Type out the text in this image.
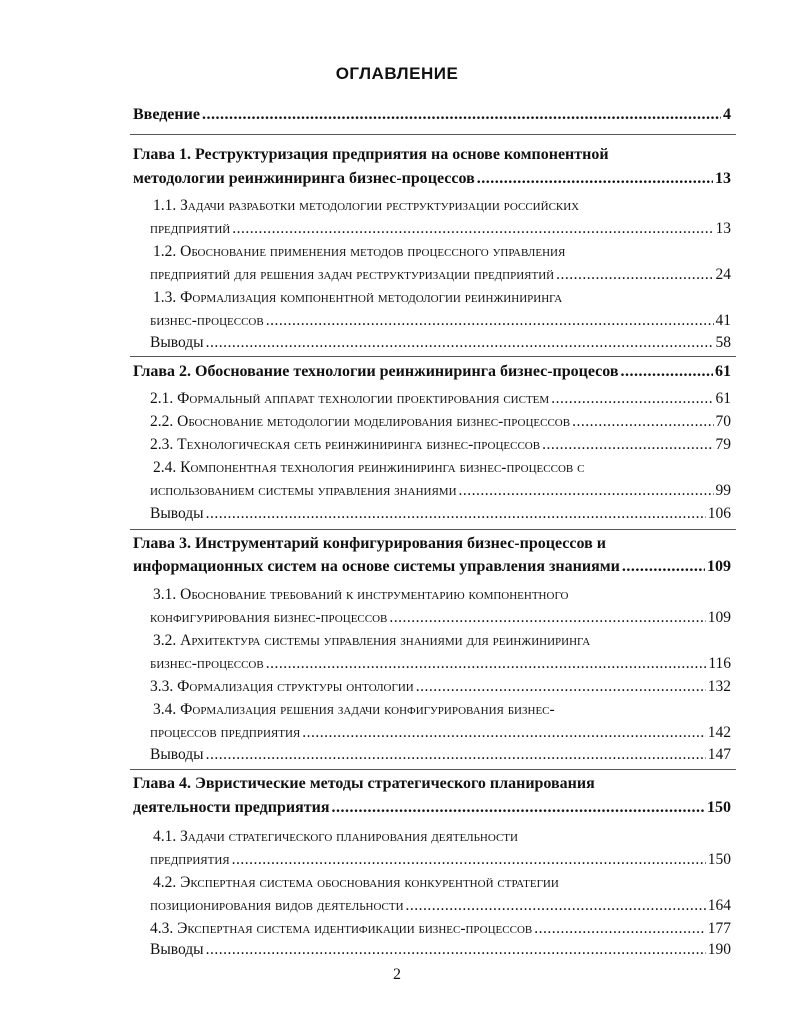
ОГЛАВЛЕНИЕ
Введение .....	4
Глава 1. Реструктуризация предприятия на основе компонентной
методологии реинжиниринга бизнес-процессов .....	13
1.1. Задачи разработки методологии реструктуризации российских
предприятий .....	13
1.2. Обоснование применения методов процессного управления
предприятий для решения задач реструктуризации предприятий .....	24
1.3. Формализация компонентной методологии реинжиниринга
бизнес-процессов .....	41
Выводы .....	58
Глава 2. Обоснование технологии реинжиниринга бизнес-процесов .....	61
2.1. Формальный аппарат технологии проектирования систем .....	61
2.2. Обоснование методологии моделирования бизнес-процессов .....	70
2.3. Технологическая сеть реинжиниринга бизнес-процессов .....	79
2.4. Компонентная технология реинжиниринга бизнес-процессов с
использованием системы управления знаниями .....	99
Выводы .....	106
Глава 3. Инструментарий конфигурирования бизнес-процессов и
информационных систем на основе системы управления знаниями .....	109
3.1. Обоснование требований к инструментарию компонентного
конфигурирования бизнес-процессов .....	109
3.2. Архитектура системы управления знаниями для реинжиниринга
бизнес-процессов .....	116
3.3. Формализация структуры онтологии .....	132
3.4. Формализация решения задачи конфигурирования бизнес-
процессов предприятия .....	142
Выводы .....	147
Глава 4. Эвристические методы стратегического планирования
деятельности предприятия .....	150
4.1. Задачи стратегического планирования деятельности
предприятия .....	150
4.2. Экспертная система обоснования конкурентной стратегии
позиционирования видов деятельности .....	164
4.3. Экспертная система идентификации бизнес-процессов .....	177
Выводы .....	190
2
